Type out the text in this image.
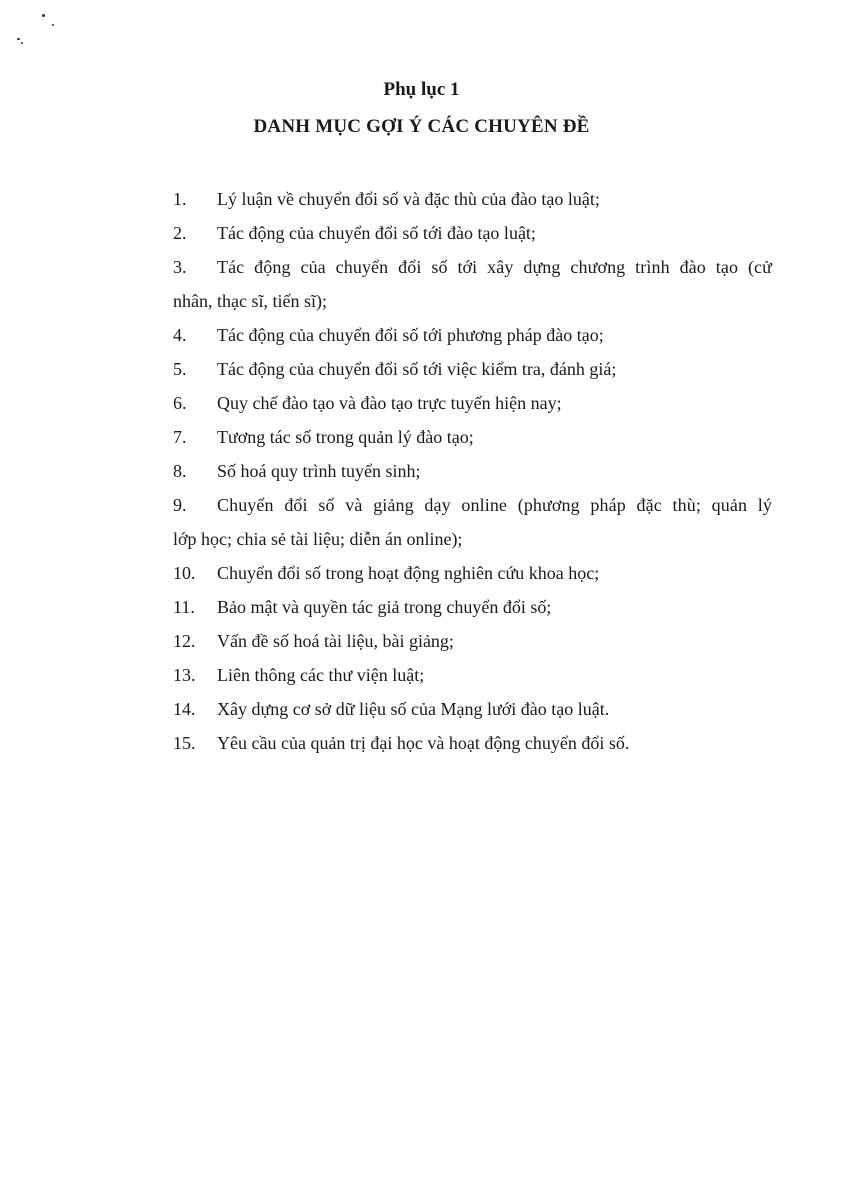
Phụ lục 1
DANH MỤC GỢI Ý CÁC CHUYÊN ĐỀ
1. Lý luận về chuyển đổi số và đặc thù của đào tạo luật;
2. Tác động của chuyển đổi số tới đào tạo luật;
3. Tác động của chuyển đổi số tới xây dựng chương trình đào tạo (cử
nhân, thạc sĩ, tiến sĩ);
4. Tác động của chuyển đổi số tới phương pháp đào tạo;
5. Tác động của chuyển đổi số tới việc kiểm tra, đánh giá;
6. Quy chế đào tạo và đào tạo trực tuyến hiện nay;
7. Tương tác số trong quản lý đào tạo;
8. Số hoá quy trình tuyển sinh;
9. Chuyển đổi số và giảng dạy online (phương pháp đặc thù; quản lý
lớp học; chia sẻ tài liệu; diễn án online);
10. Chuyển đổi số trong hoạt động nghiên cứu khoa học;
11. Bảo mật và quyền tác giả trong chuyển đổi số;
12. Vấn đề số hoá tài liệu, bài giảng;
13. Liên thông các thư viện luật;
14. Xây dựng cơ sở dữ liệu số của Mạng lưới đào tạo luật.
15. Yêu cầu của quản trị đại học và hoạt động chuyển đổi số.
